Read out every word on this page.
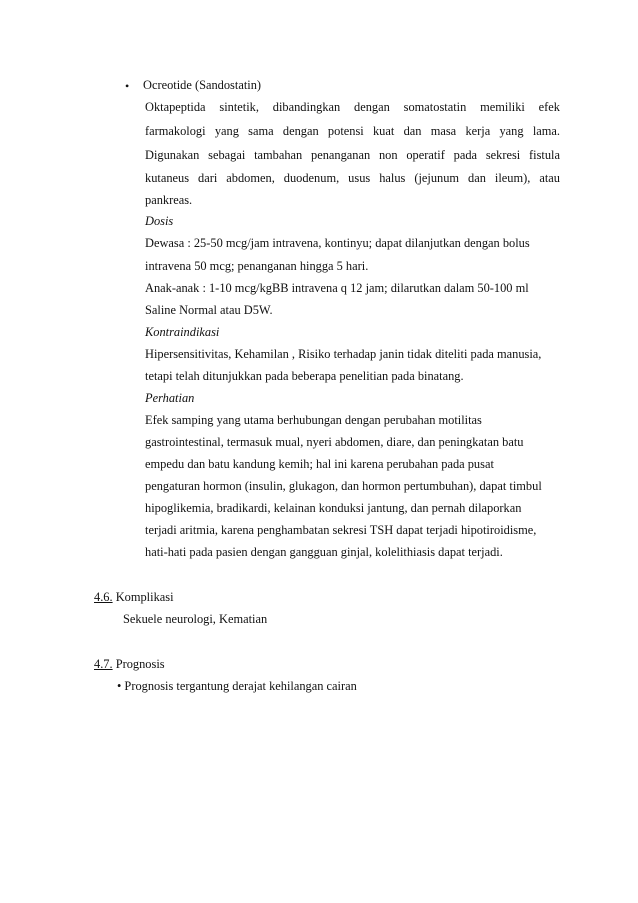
• Ocreotide (Sandostatin)
Oktapeptida sintetik, dibandingkan dengan somatostatin memiliki efek
farmakologi yang sama dengan potensi kuat dan masa kerja yang lama.
Digunakan sebagai tambahan penanganan non operatif pada sekresi fistula
kutaneus dari abdomen, duodenum, usus halus (jejunum dan ileum), atau
pankreas.
Dosis
Dewasa : 25-50 mcg/jam intravena, kontinyu; dapat dilanjutkan dengan bolus
intravena 50 mcg; penanganan hingga 5 hari.
Anak-anak : 1-10 mcg/kgBB intravena q 12 jam; dilarutkan dalam 50-100 ml
Saline Normal atau D5W.
Kontraindikasi
Hipersensitivitas, Kehamilan , Risiko terhadap janin tidak diteliti pada manusia,
tetapi telah ditunjukkan pada beberapa penelitian pada binatang.
Perhatian
Efek samping yang utama berhubungan dengan perubahan motilitas
gastrointestinal, termasuk mual, nyeri abdomen, diare, dan peningkatan batu
empedu dan batu kandung kemih; hal ini karena perubahan pada pusat
pengaturan hormon (insulin, glukagon, dan hormon pertumbuhan), dapat timbul
hipoglikemia, bradikardi, kelainan konduksi jantung, dan pernah dilaporkan
terjadi aritmia, karena penghambatan sekresi TSH dapat terjadi hipotiroidisme,
hati-hati pada pasien dengan gangguan ginjal, kolelithiasis dapat terjadi.
4.6. Komplikasi
Sekuele neurologi, Kematian
4.7. Prognosis
• Prognosis tergantung derajat kehilangan cairan
